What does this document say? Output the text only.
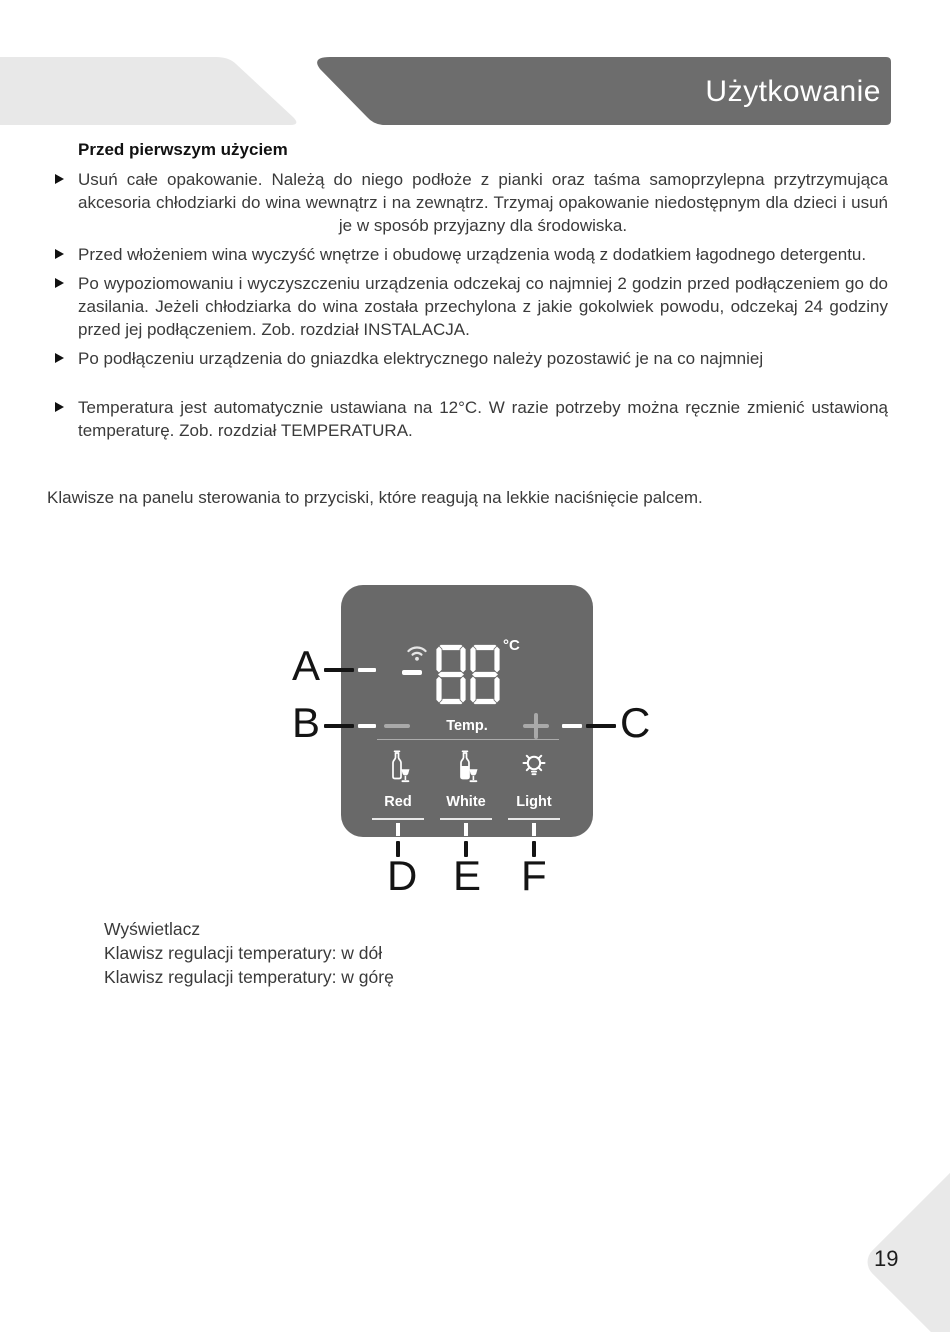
Użytkowanie
Przed pierwszym użyciem
Usuń całe opakowanie. Należą do niego podłoże z pianki oraz taśma samoprzylepna przytrzymująca akcesoria chłodziarki do wina wewnątrz i na zewnątrz. Trzymaj opakowanie niedostępnym dla dzieci i usuń je w sposób przyjazny dla środowiska.
Przed włożeniem wina wyczyść wnętrze i obudowę urządzenia wodą z dodatkiem łagodnego detergentu.
Po wypoziomowaniu i wyczyszczeniu urządzenia odczekaj co najmniej 2 godzin przed podłączeniem go do zasilania. Jeżeli chłodziarka do wina została przechylona z jakie gokolwiek powodu, odczekaj 24 godziny przed jej podłączeniem. Zob. rozdział INSTALACJA.
Po podłączeniu urządzenia do gniazdka elektrycznego należy pozostawić je na co najmniej
Temperatura jest automatycznie ustawiana na 12°C. W razie potrzeby można ręcznie zmienić ustawioną temperaturę. Zob. rozdział TEMPERATURA.
Klawisze na panelu sterowania to przyciski, które reagują na lekkie naciśnięcie palcem.
°C
Temp.
Red	White	Light
A
B	C
D E F
Wyświetlacz
Klawisz regulacji temperatury: w dół
Klawisz regulacji temperatury: w górę
19
